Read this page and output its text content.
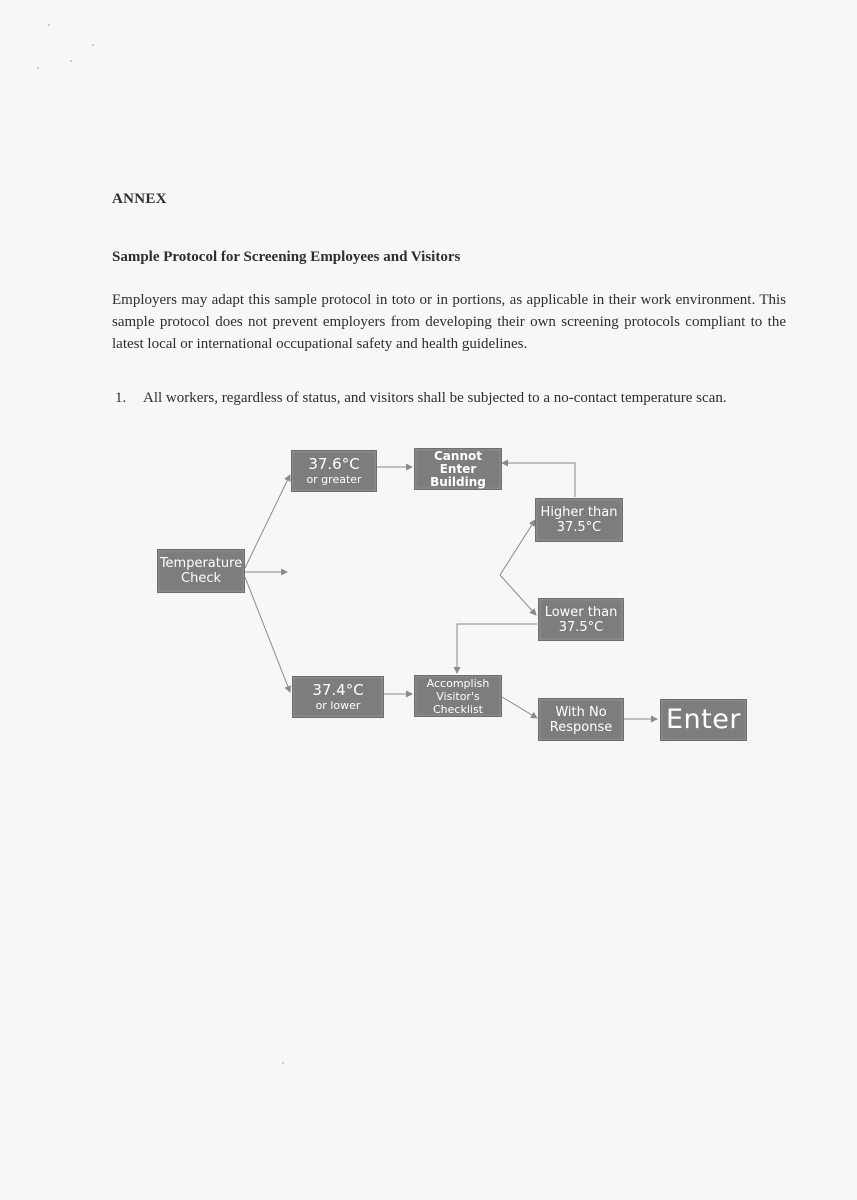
ANNEX
Sample Protocol for Screening Employees and Visitors

Employers may adapt this sample protocol in toto or in portions, as applicable in their work environment. This sample protocol does not prevent employers from developing their own screening protocols compliant to the latest local or international occupational safety and health guidelines.

1. All workers, regardless of status, and visitors shall be subjected to a no-contact temperature scan.
Temperature
Check
37.6°C
or greater
37.4°C
or lower
Cannot Enter
Building
Higher than
37.5°C
Lower than
37.5°C
Accomplish
Visitor's
Checklist	With No
Response Enter
